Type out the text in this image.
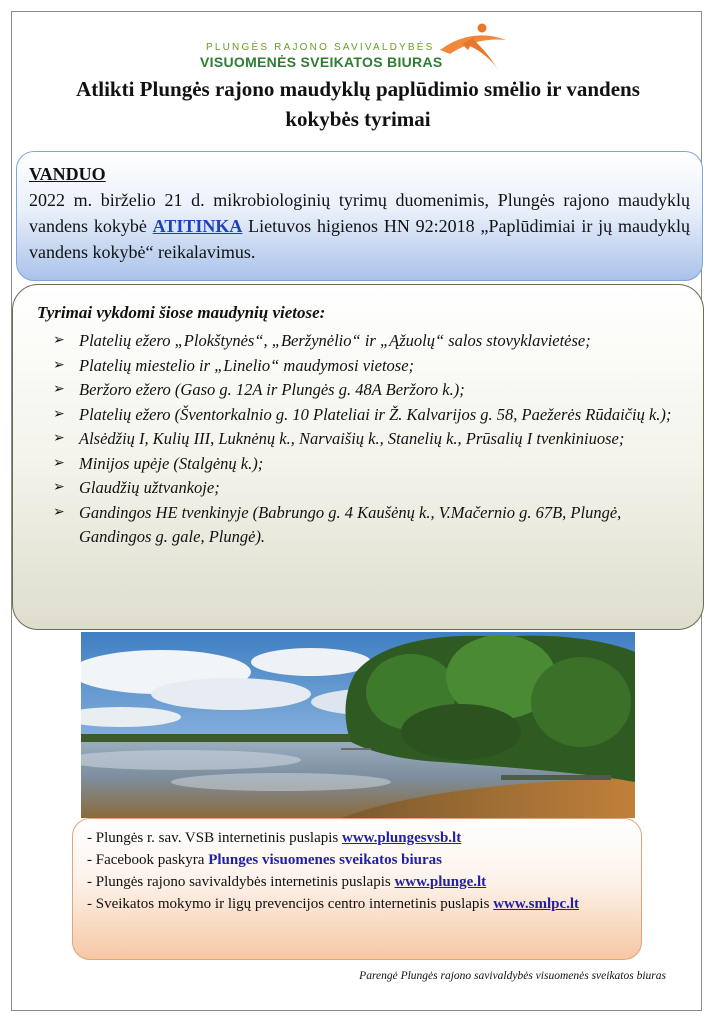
PLUNGĖS RAJONO SAVIVALDYBĖS
VISUOMENĖS SVEIKATOS BIURAS
Atlikti Plungės rajono maudyklų paplūdimio smėlio ir vandens
kokybės tyrimai
VANDUO
2022 m. birželio 21 d. mikrobiologinių tyrimų duomenimis, Plungės rajono maudyklų vandens kokybė ATITINKA Lietuvos higienos HN 92:2018 „Paplūdimiai ir jų maudyklų vandens kokybė“ reikalavimus.
Tyrimai vykdomi šiose maudynių vietose:
➢ Platelių ežero „Plokštynės“, „Beržynėlio“ ir „Ąžuolų“ salos stovyklavietėse;
➢ Platelių miestelio ir „Linelio“ maudymosi vietose;
➢ Beržoro ežero (Gaso g. 12A ir Plungės g. 48A Beržoro k.);
➢ Platelių ežero (Šventorkalnio g. 10 Plateliai ir Ž. Kalvarijos g. 58, Paežerės Rūdaičių k.);
➢ Alsėdžių I, Kulių III, Luknėnų k., Narvaišių k., Stanelių k., Prūsalių I tvenkiniuose;
➢ Minijos upėje (Stalgėnų k.);
➢ Glaudžių užtvankoje;
➢ Gandingos HE tvenkinyje (Babrungo g. 4 Kaušėnų k., V.Mačernio g. 67B, Plungė, Gandingos g. gale, Plungė).
- Plungės r. sav. VSB internetinis puslapis www.plungesvsb.lt
- Facebook paskyra Plunges visuomenes sveikatos biuras
- Plungės rajono savivaldybės internetinis puslapis www.plunge.lt
- Sveikatos mokymo ir ligų prevencijos centro internetinis puslapis www.smlpc.lt
Parengė Plungės rajono savivaldybės visuomenės sveikatos biuras
